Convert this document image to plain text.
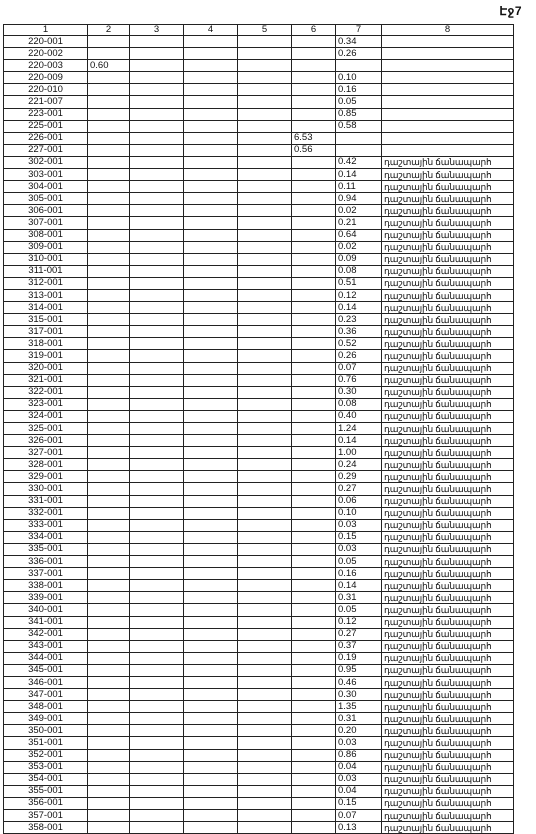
Էջ7
1	2	3	4	5	6	7	8
220-001						0.34	
220-002						0.26	
220-003	0.60						
220-009						0.10	
220-010						0.16	
221-007						0.05	
223-001						0.85	
225-001						0.58	
226-001					6.53		
227-001					0.56		
302-001						0.42	դաշտային ճանապարհ
303-001						0.14	դաշտային ճանապարհ
304-001						0.11	դաշտային ճանապարհ
305-001						0.94	դաշտային ճանապարհ
306-001						0.02	դաշտային ճանապարհ
307-001						0.21	դաշտային ճանապարհ
308-001						0.64	դաշտային ճանապարհ
309-001						0.02	դաշտային ճանապարհ
310-001						0.09	դաշտային ճանապարհ
311-001						0.08	դաշտային ճանապարհ
312-001						0.51	դաշտային ճանապարհ
313-001						0.12	դաշտային ճանապարհ
314-001						0.14	դաշտային ճանապարհ
315-001						0.23	դաշտային ճանապարհ
317-001						0.36	դաշտային ճանապարհ
318-001						0.52	դաշտային ճանապարհ
319-001						0.26	դաշտային ճանապարհ
320-001						0.07	դաշտային ճանապարհ
321-001						0.76	դաշտային ճանապարհ
322-001						0.30	դաշտային ճանապարհ
323-001						0.08	դաշտային ճանապարհ
324-001						0.40	դաշտային ճանապարհ
325-001						1.24	դաշտային ճանապարհ
326-001						0.14	դաշտային ճանապարհ
327-001						1.00	դաշտային ճանապարհ
328-001						0.24	դաշտային ճանապարհ
329-001						0.29	դաշտային ճանապարհ
330-001						0.27	դաշտային ճանապարհ
331-001						0.06	դաշտային ճանապարհ
332-001						0.10	դաշտային ճանապարհ
333-001						0.03	դաշտային ճանապարհ
334-001						0.15	դաշտային ճանապարհ
335-001						0.03	դաշտային ճանապարհ
336-001						0.05	դաշտային ճանապարհ
337-001						0.16	դաշտային ճանապարհ
338-001						0.14	դաշտային ճանապարհ
339-001						0.31	դաշտային ճանապարհ
340-001						0.05	դաշտային ճանապարհ
341-001						0.12	դաշտային ճանապարհ
342-001						0.27	դաշտային ճանապարհ
343-001						0.37	դաշտային ճանապարհ
344-001						0.19	դաշտային ճանապարհ
345-001						0.95	դաշտային ճանապարհ
346-001						0.46	դաշտային ճանապարհ
347-001						0.30	դաշտային ճանապարհ
348-001						1.35	դաշտային ճանապարհ
349-001						0.31	դաշտային ճանապարհ
350-001						0.20	դաշտային ճանապարհ
351-001						0.03	դաշտային ճանապարհ
352-001						0.86	դաշտային ճանապարհ
353-001						0.04	դաշտային ճանապարհ
354-001						0.03	դաշտային ճանապարհ
355-001						0.04	դաշտային ճանապարհ
356-001						0.15	դաշտային ճանապարհ
357-001						0.07	դաշտային ճանապարհ
358-001						0.13	դաշտային ճանապարհ
